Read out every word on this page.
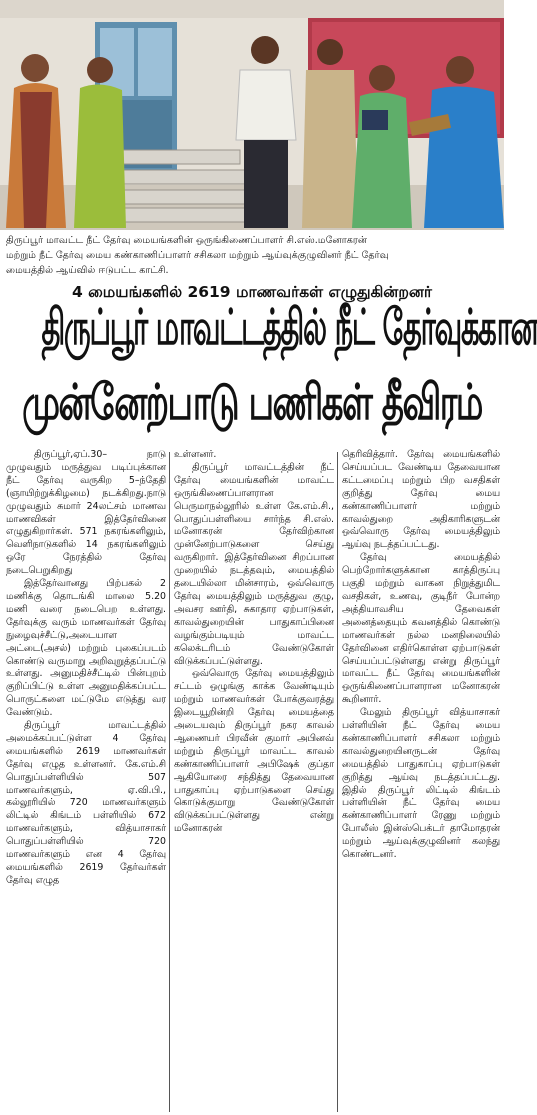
திருப்பூர் மாவட்ட நீட் தேர்வு மையங்களின் ஒருங்கிணைப்பாளர் சி.எஸ்.மனோகரன்
மற்றும் நீட் தேர்வு மைய கண்காணிப்பாளர் சசிகலா மற்றும் ஆய்வுக்குழுவினர் நீட் தேர்வு
மையத்தில் ஆய்வில் ஈடுபட்ட காட்சி.
4 மையங்களில் 2619 மாணவர்கள் எழுதுகின்றனர்
திருப்பூர் மாவட்டத்தில் நீட் தேர்வுக்கான
முன்னேற்பாடு பணிகள் தீவிரம்

திருப்பூர்,ஏப்.30– நாடு முழுவதும் மருத்துவ படிப்புக்கான நீட் தேர்வு வருகிற 5–ந்தேதி (ஞாயிற்றுக்கிழமை) நடக்கிறது.நாடு முழுவதும் சுமார் 24லட்சம் மாணவ மாணவிகள் இத்தேர்வினை எழுதுகிறார்கள். 571 நகரங்களிலும், வெளிநாடுகளில் 14 நகரங்களிலும் ஒரே நேரத்தில் தேர்வு நடைபெறுகிறது

இத்தேர்வானது பிற்பகல் 2 மணிக்கு தொடங்கி மாலை 5.20 மணி வரை நடைபெற உள்ளது. தேர்வுக்கு வரும் மாணவர்கள் தேர்வு நுழைவுச்சீட்டு,அடையாள அட்டை(அசல்) மற்றும் புகைப்படம் கொண்டு வருமாறு அறிவுறுத்தப்பட்டு உள்ளது. அனுமதிச்சீட்டில் பின்புறம் குறிப்பிட்டு உள்ள அனுமதிக்கப்பட்ட பொருட்களை மட்டுமே எடுத்து வர வேண்டும்.

திருப்பூர் மாவட்டத்தில் அமைக்கப்பட்டுள்ள 4 தேர்வு மையங்களில் 2619 மாணவர்கள் தேர்வு எழுத உள்ளனர். கே.எம்.சி பொதுப்பள்ளியில் 507 மாணவர்களும், ஏ.வி.பி., கல்லூரியில் 720 மாணவர்களும் லிட்டில் கிங்டம் பள்ளியில் 672 மாணவர்களும், வித்யாசாகர் பொதுப்பள்ளியில் 720 மாணவர்களும் என 4 தேர்வு மையங்களில் 2619 தேர்வர்கள் தேர்வு எழுத

உள்ளனர்.

திருப்பூர் மாவட்டத்தின் நீட் தேர்வு மையங்களின் மாவட்ட ஒருங்கிணைப்பாளரான பெருமாநல்லூரில் உள்ள கே.எம்.சி., பொதுப்பள்ளியை சார்ந்த சி.எஸ். மனோகரன் தேர்விற்கான முன்னேற்பாடுகளை செய்து வருகிறார். இத்தேர்வினை சிறப்பான முறையில் நடத்தவும், மையத்தில் தடையில்லா மின்சாரம், ஒவ்வொரு தேர்வு மையத்திலும் மருத்துவ குழு, அவசர ஊர்தி, சுகாதார ஏற்பாடுகள், காவல்துறையின் பாதுகாப்பினை வழங்கும்படியும் மாவட்ட கலெக்டரிடம் வேண்டுகோள் விடுக்கப்பட்டுள்ளது.

ஒவ்வொரு தேர்வு மையத்திலும் சட்டம் ஒழுங்கு காக்க வேண்டியும் மற்றும் மாணவர்கள் போக்குவரத்து இடையூறின்றி தேர்வு மையத்தை அடையவும் திருப்பூர் நகர காவல் ஆணையர் பிரவீன் குமார் அபினவ் மற்றும் திருப்பூர் மாவட்ட காவல் கண்காணிப்பாளர் அபிஷேக் குப்தா ஆகியோரை சந்தித்து தேவையான பாதுகாப்பு ஏற்பாடுகளை செய்து கொடுக்குமாறு வேண்டுகோள் விடுக்கப்பட்டுள்ளது என்று மனோகரன்

தெரிவித்தார். தேர்வு மையங்களில் செய்யப்பட வேண்டிய தேவையான கட்டமைப்பு மற்றும் பிற வசதிகள் குறித்து தேர்வு மைய கண்காணிப்பாளர் மற்றும் காவல்துறை அதிகாரிகளுடன் ஒவ்வொரு தேர்வு மையத்திலும் ஆய்வு நடத்தப்பட்டது.

தேர்வு மையத்தில் பெற்றோர்களுக்கான காத்திருப்பு பகுதி மற்றும் வாகன நிறுத்துமிட வசதிகள், உணவு, குடிநீர் போன்ற அத்தியாவசிய தேவைகள் அனைத்தையும் கவனத்தில் கொண்டு மாணவர்கள் நல்ல மனநிலையில் தேர்வினை எதிர்கொள்ள ஏற்பாடுகள் செய்யப்பட்டுள்ளது என்று திருப்பூர் மாவட்ட நீட் தேர்வு மையங்களின் ஒருங்கிணைப்பாளரான மனோகரன் கூறினார்.

மேலும் திருப்பூர் வித்யாசாகர் பள்ளியின் நீட் தேர்வு மைய கண்காணிப்பாளர் சசிகலா மற்றும் காவல்துறையினருடன் தேர்வு மையத்தில் பாதுகாப்பு ஏற்பாடுகள் குறித்து ஆய்வு நடத்தப்பட்டது. இதில் திருப்பூர் லிட்டில் கிங்டம் பள்ளியின் நீட் தேர்வு மைய கண்காணிப்பாளர் ரேணு மற்றும் போலீஸ் இன்ஸ்பெக்டர் தாமோதரன் மற்றும் ஆய்வுக்குழுவினர் கலந்து கொண்டனர்.
